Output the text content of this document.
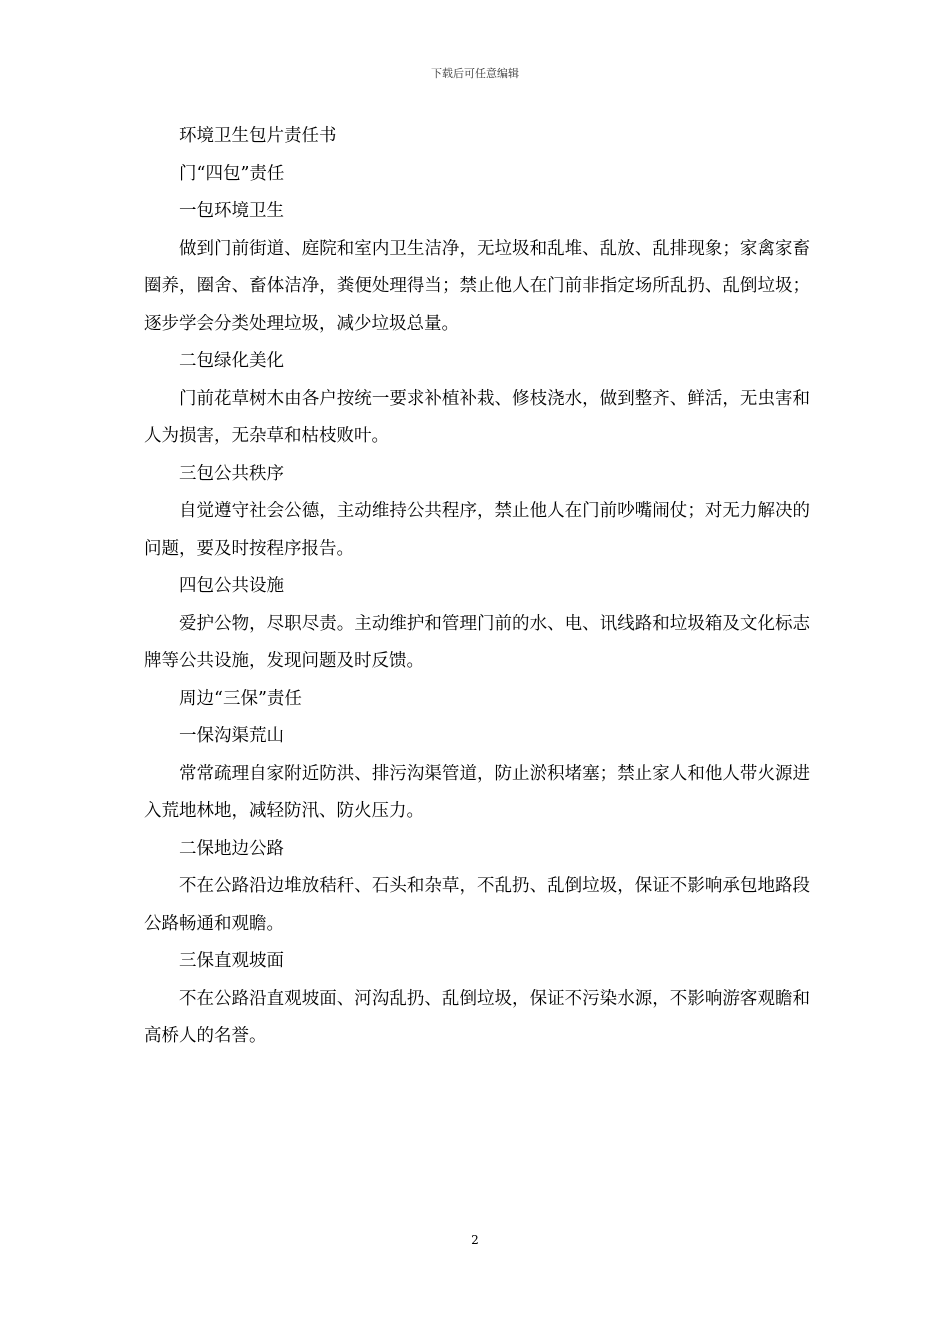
下载后可任意编辑

环境卫生包片责任书

门“四包”责任

一包环境卫生

做到门前街道、庭院和室内卫生洁净，无垃圾和乱堆、乱放、乱排现象；家禽家畜圈养，圈舍、畜体洁净，粪便处理得当；禁止他人在门前非指定场所乱扔、乱倒垃圾；逐步学会分类处理垃圾，减少垃圾总量。

二包绿化美化

门前花草树木由各户按统一要求补植补栽、修枝浇水，做到整齐、鲜活，无虫害和人为损害，无杂草和枯枝败叶。

三包公共秩序

自觉遵守社会公德，主动维持公共程序，禁止他人在门前吵嘴闹仗；对无力解决的问题，要及时按程序报告。

四包公共设施

爱护公物，尽职尽责。主动维护和管理门前的水、电、讯线路和垃圾箱及文化标志牌等公共设施，发现问题及时反馈。

周边“三保”责任

一保沟渠荒山

常常疏理自家附近防洪、排污沟渠管道，防止淤积堵塞；禁止家人和他人带火源进入荒地林地，减轻防汛、防火压力。

二保地边公路

不在公路沿边堆放秸秆、石头和杂草，不乱扔、乱倒垃圾，保证不影响承包地路段公路畅通和观瞻。

三保直观坡面

不在公路沿直观坡面、河沟乱扔、乱倒垃圾，保证不污染水源，不影响游客观瞻和高桥人的名誉。

2
